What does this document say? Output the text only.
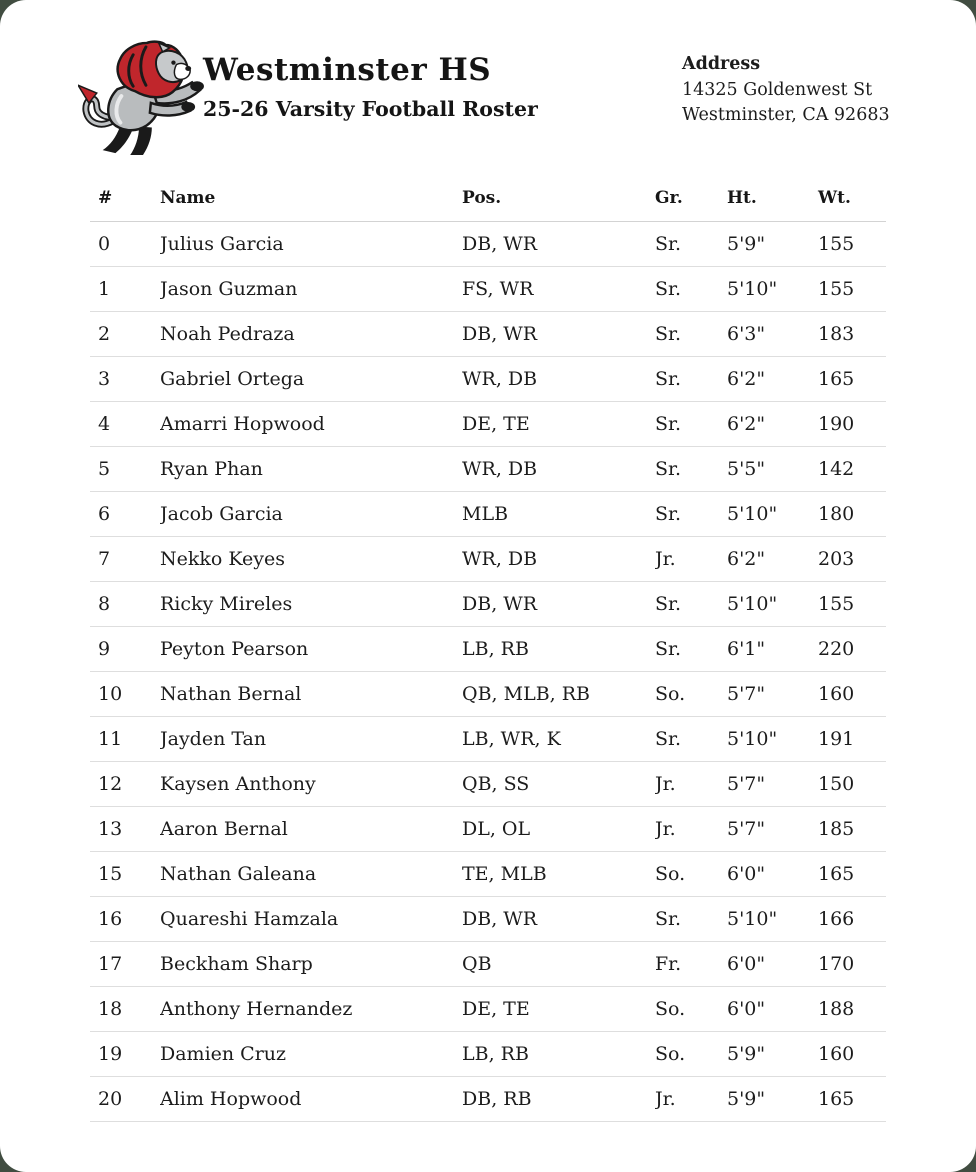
Westminster HS
25-26 Varsity Football Roster
Address
14325 Goldenwest St
Westminster, CA 92683
#	Name	Pos.	Gr.	Ht.	Wt.
0	Julius Garcia	DB, WR	Sr.	5'9"	155
1	Jason Guzman	FS, WR	Sr.	5'10"	155
2	Noah Pedraza	DB, WR	Sr.	6'3"	183
3	Gabriel Ortega	WR, DB	Sr.	6'2"	165
4	Amarri Hopwood	DE, TE	Sr.	6'2"	190
5	Ryan Phan	WR, DB	Sr.	5'5"	142
6	Jacob Garcia	MLB	Sr.	5'10"	180
7	Nekko Keyes	WR, DB	Jr.	6'2"	203
8	Ricky Mireles	DB, WR	Sr.	5'10"	155
9	Peyton Pearson	LB, RB	Sr.	6'1"	220
10	Nathan Bernal	QB, MLB, RB	So.	5'7"	160
11	Jayden Tan	LB, WR, K	Sr.	5'10"	191
12	Kaysen Anthony	QB, SS	Jr.	5'7"	150
13	Aaron Bernal	DL, OL	Jr.	5'7"	185
15	Nathan Galeana	TE, MLB	So.	6'0"	165
16	Quareshi Hamzala	DB, WR	Sr.	5'10"	166
17	Beckham Sharp	QB	Fr.	6'0"	170
18	Anthony Hernandez	DE, TE	So.	6'0"	188
19	Damien Cruz	LB, RB	So.	5'9"	160
20	Alim Hopwood	DB, RB	Jr.	5'9"	165
